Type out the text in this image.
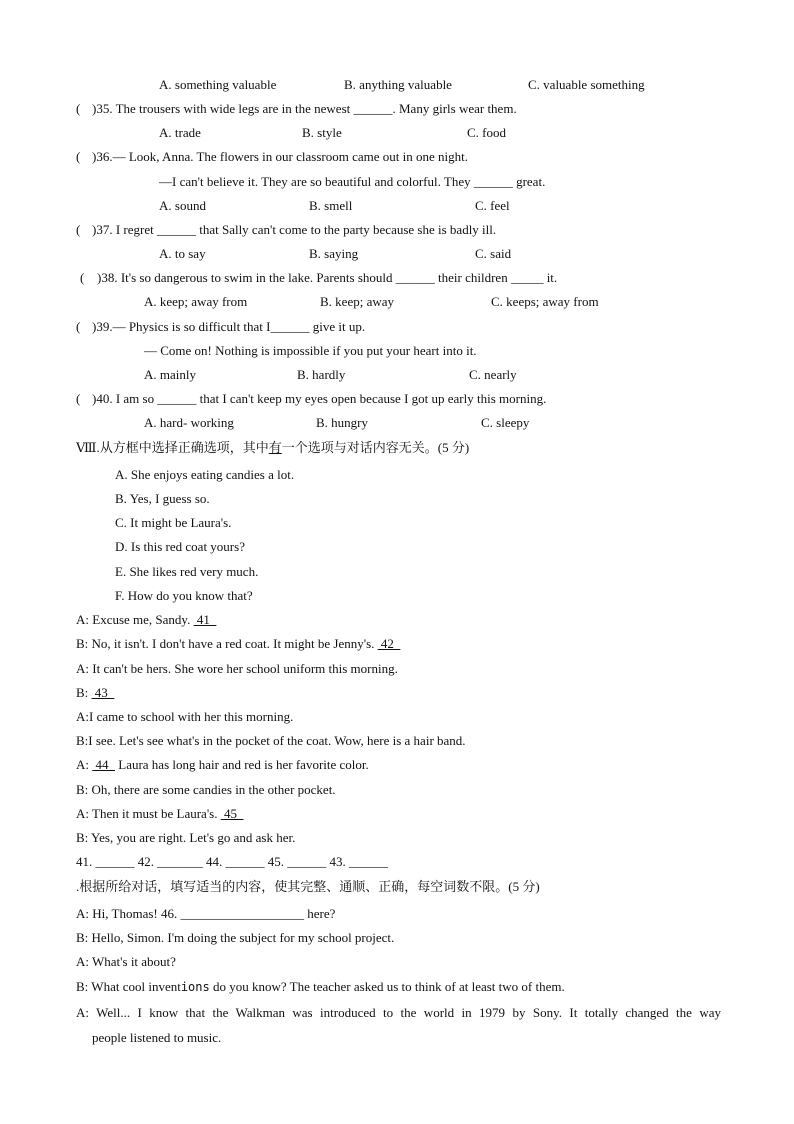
A. something valuable	B. anything valuable	C. valuable something
( )35. The trousers with wide legs are in the newest ______. Many girls wear them.
A. trade	B. style	C. food
( )36.— Look, Anna. The flowers in our classroom came out in one night.
—I can't believe it. They are so beautiful and colorful. They ______ great.
A. sound	B. smell	C. feel
( )37. I regret ______ that Sally can't come to the party because she is badly ill.
A. to say	B. saying	C. said
( )38. It's so dangerous to swim in the lake. Parents should ______ their children _____ it.
A. keep; away from	B. keep; away	C. keeps; away from
( )39.— Physics is so difficult that I______ give it up.
— Come on! Nothing is impossible if you put your heart into it.
A. mainly	B. hardly	C. nearly
( )40. I am so ______ that I can't keep my eyes open because I got up early this morning.
A. hard- working	B. hungry	C. sleepy
Ⅷ.从方框中选择正确选项，其中有一个选项与对话内容无关。(5 分)
A. She enjoys eating candies a lot.
B. Yes, I guess so.
C. It might be Laura's.
D. Is this red coat yours?
E. She likes red very much.
F. How do you know that?
A: Excuse me, Sandy.  41
B: No, it isn't. I don't have a red coat. It might be Jenny's.  42
A: It can't be hers. She wore her school uniform this morning.
B:  43
A:I came to school with her this morning.
B:I see. Let's see what's in the pocket of the coat. Wow, here is a hair band.
A:  44   Laura has long hair and red is her favorite color.
B: Oh, there are some candies in the other pocket.
A: Then it must be Laura's.  45
B: Yes, you are right. Let's go and ask her.
41. ______ 42. _______ 44. ______ 45. ______ 43. ______
.根据所给对话，填写适当的内容，使其完整、通顺、正确，每空词数不限。(5 分)
A: Hi, Thomas! 46. ___________________ here?
B: Hello, Simon. I'm doing the subject for my school project.
A: What's it about?
B: What cool inventions do you know? The teacher asked us to think of at least two of them.
A: Well... I know that the Walkman was introduced to the world in 1979 by Sony. It totally changed the way
people listened to music.
